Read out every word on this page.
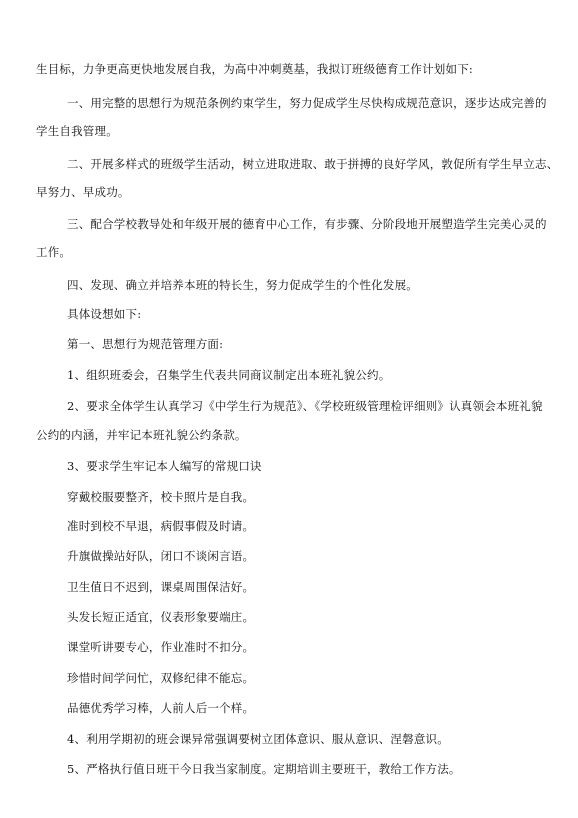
生目标，力争更高更快地发展自我，为高中冲刺奠基，我拟订班级德育工作计划如下:
一、用完整的思想行为规范条例约束学生，努力促成学生尽快构成规范意识，逐步达成完善的
学生自我管理。
二、开展多样式的班级学生活动，树立进取进取、敢于拼搏的良好学风，敦促所有学生早立志、
早努力、早成功。
三、配合学校教导处和年级开展的德育中心工作，有步骤、分阶段地开展塑造学生完美心灵的
工作。
四、发现、确立并培养本班的特长生，努力促成学生的个性化发展。
具体设想如下:
第一、思想行为规范管理方面:
1、组织班委会，召集学生代表共同商议制定出本班礼貌公约。
2、要求全体学生认真学习《中学生行为规范》、《学校班级管理检评细则》认真领会本班礼貌
公约的内涵，并牢记本班礼貌公约条款。
3、要求学生牢记本人编写的常规口诀
穿戴校服要整齐，校卡照片是自我。
准时到校不早退，病假事假及时请。
升旗做操站好队，闭口不谈闲言语。
卫生值日不迟到，课桌周围保洁好。
头发长短正适宜，仪表形象要端庄。
课堂听讲要专心，作业准时不扣分。
珍惜时间学问忙，双修纪律不能忘。
品德优秀学习棒，人前人后一个样。
4、利用学期初的班会课异常强调要树立团体意识、服从意识、涅磐意识。
5、严格执行值日班干今日我当家制度。定期培训主要班干，教给工作方法。
